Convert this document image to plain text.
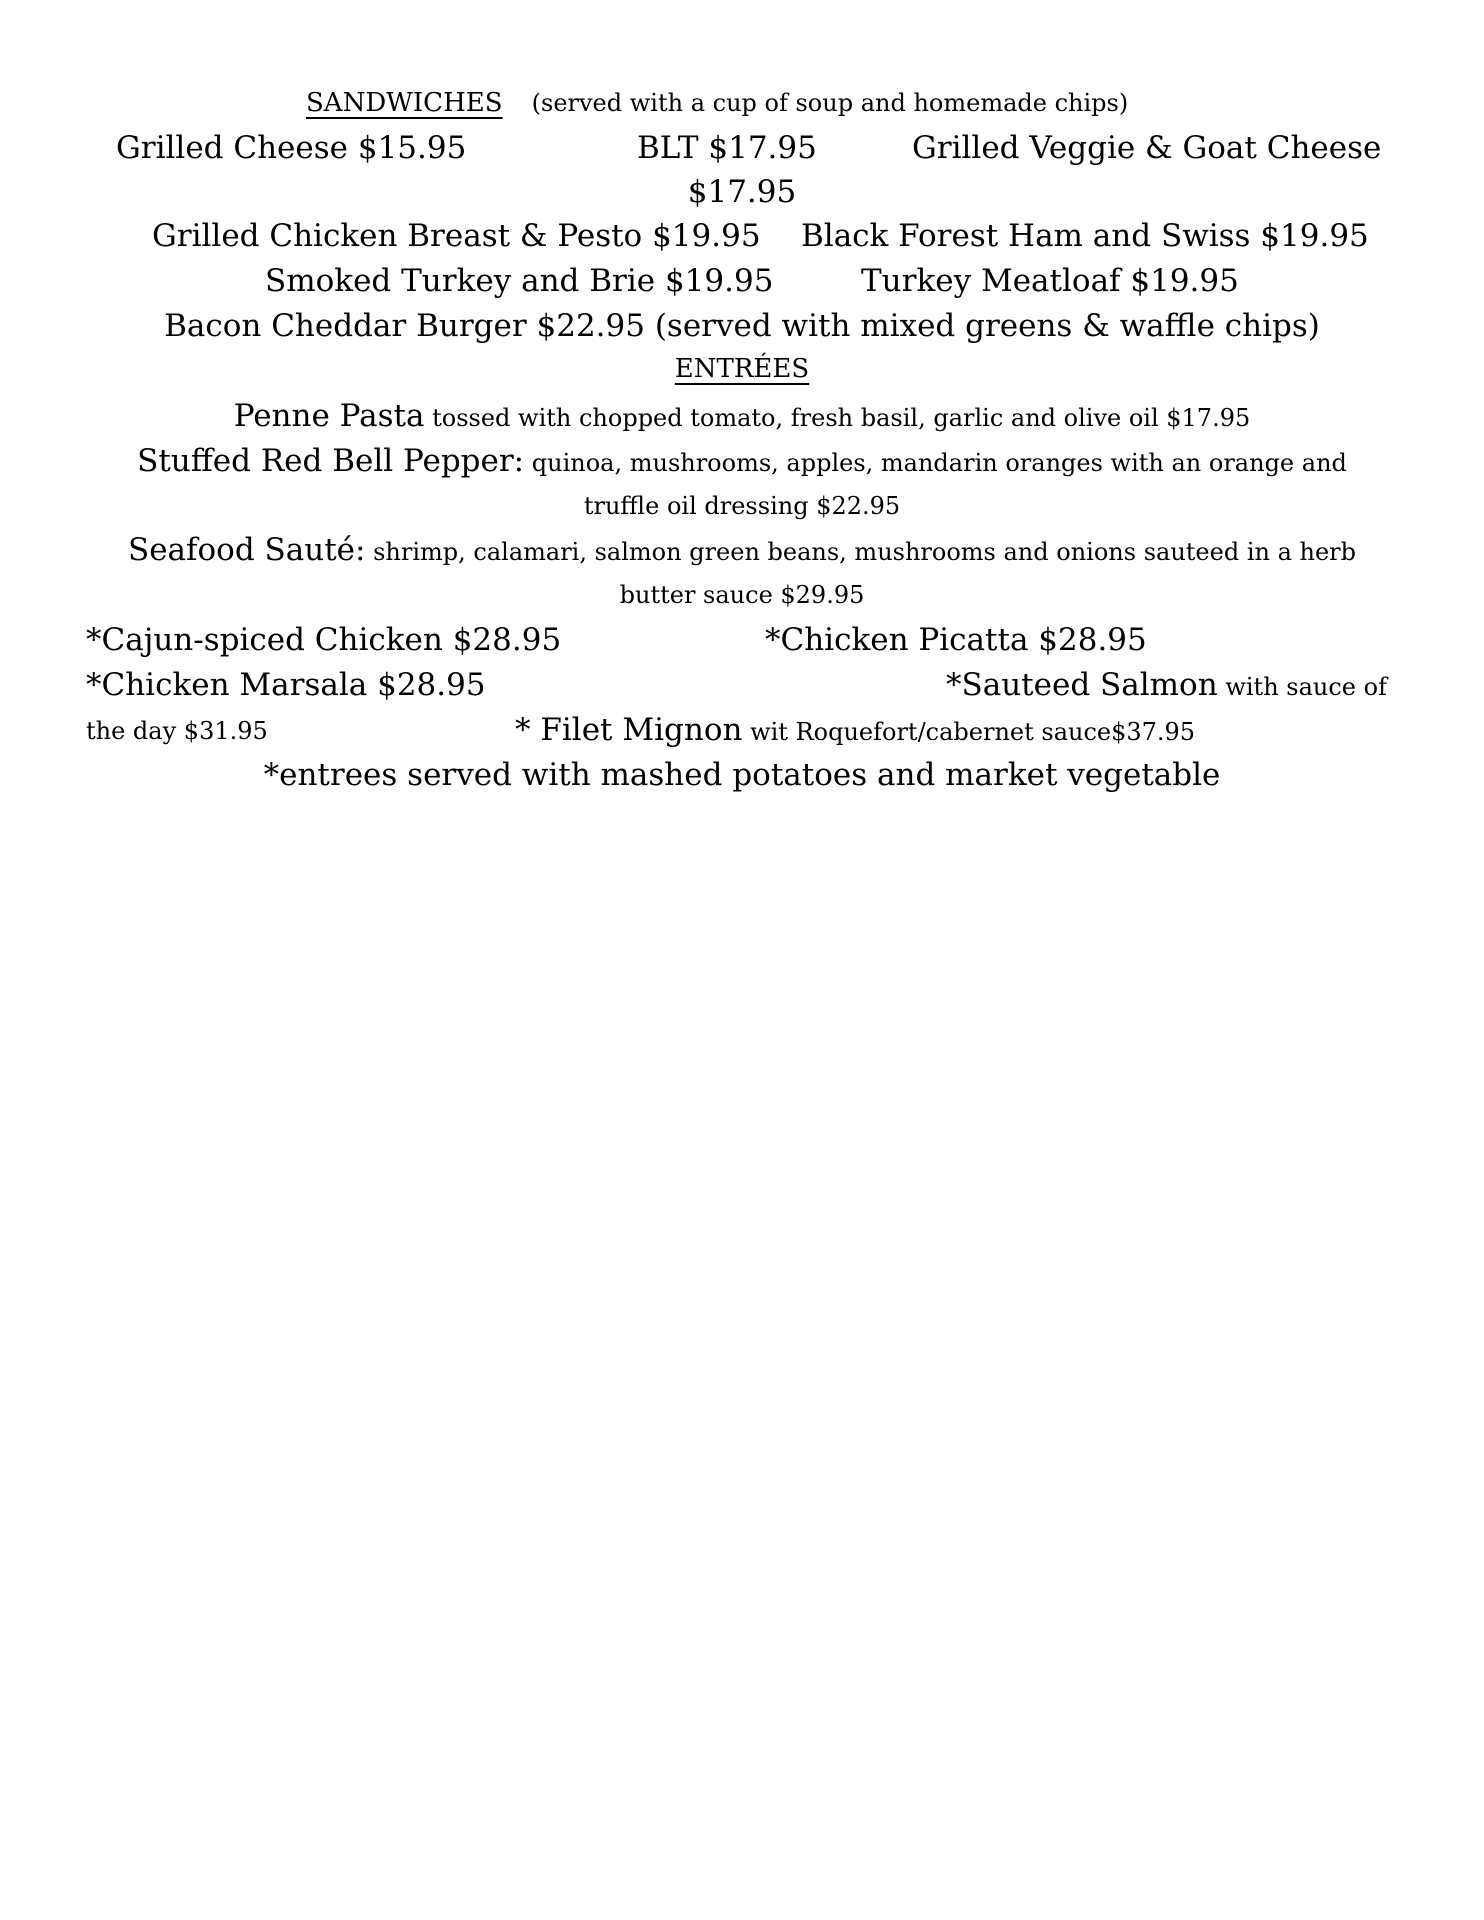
SANDWICHES (served with a cup of soup and homemade chips)
Grilled Cheese $15.95	BLT $17.95	Grilled Veggie & Goat Cheese
$17.95
Grilled Chicken Breast & Pesto $19.95 Black Forest Ham and Swiss $19.95
Smoked Turkey and Brie $19.95	Turkey Meatloaf $19.95
Bacon Cheddar Burger $22.95 (served with mixed greens & waffle chips)
ENTRÉES
Penne Pasta tossed with chopped tomato, fresh basil, garlic and olive oil $17.95
Stuffed Red Bell Pepper: quinoa, mushrooms, apples, mandarin oranges with an orange and
truffle oil dressing $22.95
Seafood Sauté: shrimp, calamari, salmon green beans, mushrooms and onions sauteed in a herb
butter sauce $29.95
*Cajun-spiced Chicken $28.95	*Chicken Picatta $28.95
*Chicken Marsala $28.95	*Sauteed Salmon with sauce of
the day $31.95	* Filet Mignon wit Roquefort/cabernet sauce$37.95
*entrees served with mashed potatoes and market vegetable
